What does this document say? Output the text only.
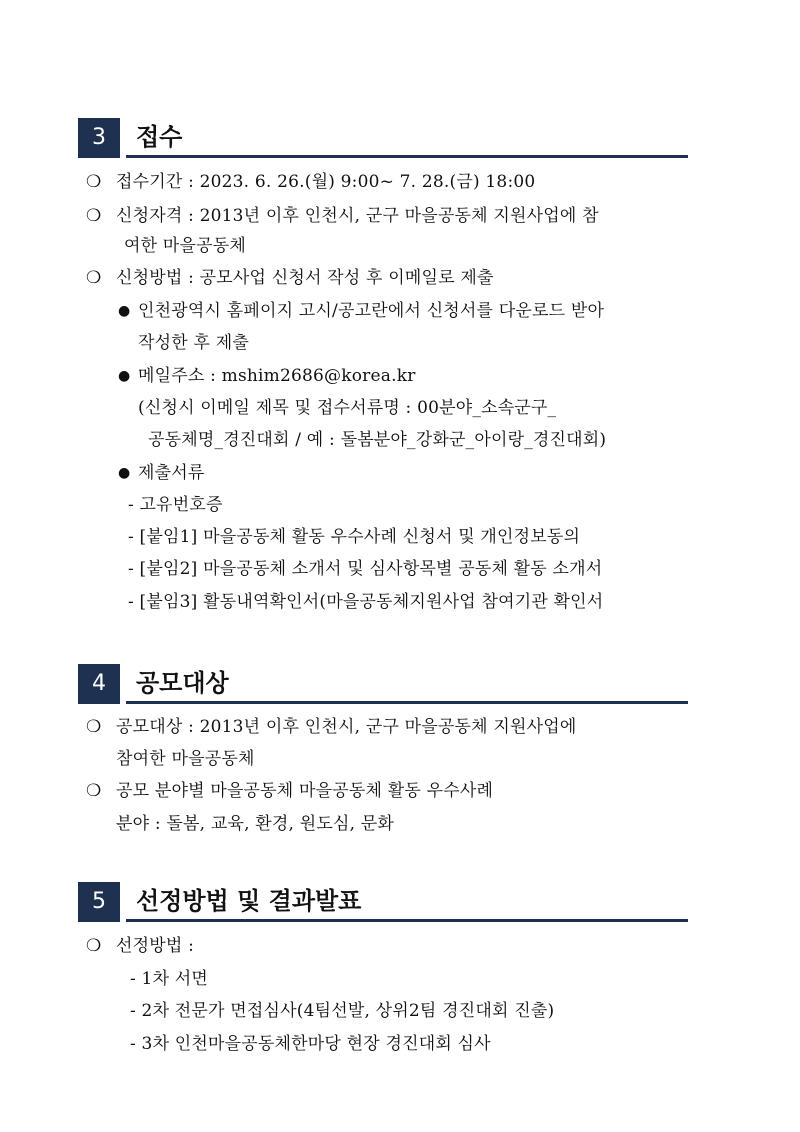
3	접수
❍ 접수기간 : 2023. 6. 26.(월) 9:00~ 7. 28.(금) 18:00
❍ 신청자격 : 2013년 이후 인천시, 군구 마을공동체 지원사업에 참
여한 마을공동체
❍ 신청방법 : 공모사업 신청서 작성 후 이메일로 제출
● 인천광역시 홈페이지 고시/공고란에서 신청서를 다운로드 받아
작성한 후 제출
● 메일주소 : mshim2686@korea.kr
(신청시 이메일 제목 및 접수서류명 : 00분야_소속군구_
공동체명_경진대회 / 예 : 돌봄분야_강화군_아이랑_경진대회)
● 제출서류
- 고유번호증
- [붙임1] 마을공동체 활동 우수사례 신청서 및 개인정보동의
- [붙임2] 마을공동체 소개서 및 심사항목별 공동체 활동 소개서
- [붙임3] 활동내역확인서(마을공동체지원사업 참여기관 확인서
4	공모대상
❍ 공모대상 : 2013년 이후 인천시, 군구 마을공동체 지원사업에
참여한 마을공동체
❍ 공모 분야별 마을공동체 마을공동체 활동 우수사례
분야 : 돌봄, 교육, 환경, 원도심, 문화
5	선정방법 및 결과발표
❍ 선정방법 :
- 1차 서면
- 2차 전문가 면접심사(4팀선발, 상위2팀 경진대회 진출)
- 3차 인천마을공동체한마당 현장 경진대회 심사
